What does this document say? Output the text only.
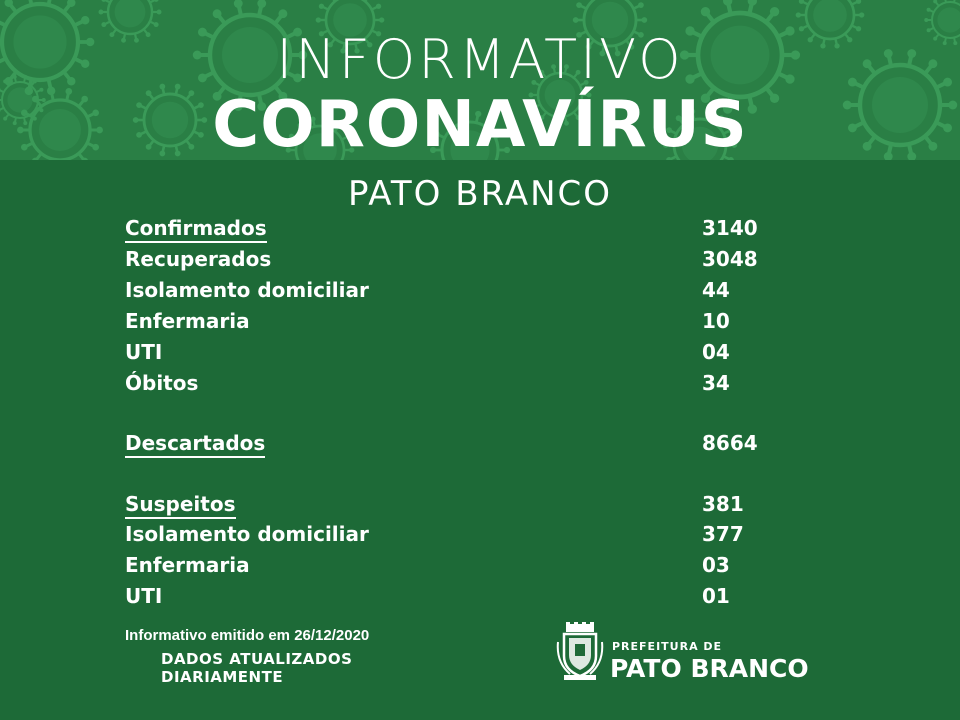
INFORMATIVO
CORONAVÍRUS
PATO BRANCO
Confirmados	3140
Recuperados	3048
Isolamento domiciliar	44
Enfermaria	10
UTI	04
Óbitos	34
Descartados	8664
Suspeitos	381
Isolamento domiciliar	377
Enfermaria	03
UTI	01
Informativo emitido em 26/12/2020
DADOS ATUALIZADOS
DIARIAMENTE
PREFEITURA DE
PATO BRANCO
